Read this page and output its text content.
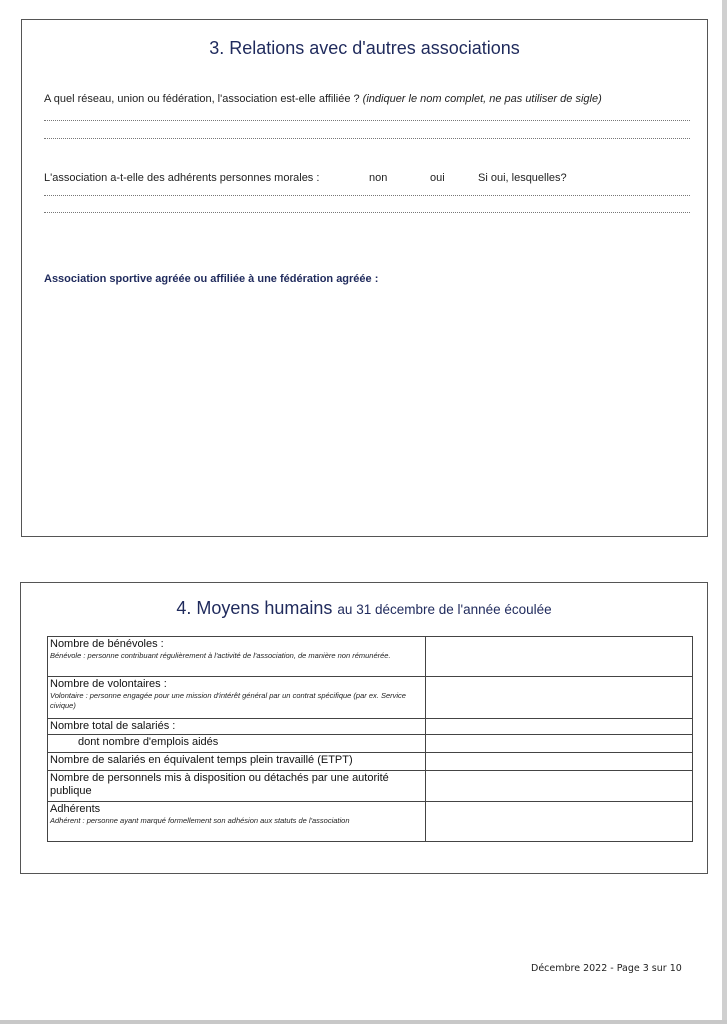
3. Relations avec d'autres associations
A quel réseau, union ou fédération, l'association est-elle affiliée ? (indiquer le nom complet, ne pas utiliser de sigle)
L'association a-t-elle des adhérents personnes morales :	non	oui	Si oui, lesquelles?
Association sportive agréée ou affiliée à une fédération agréée :
4. Moyens humains au 31 décembre de l'année écoulée
Nombre de bénévoles :
Bénévole : personne contribuant régulièrement à l'activité de l'association, de manière non rémunérée.	

Nombre de volontaires :
Volontaire : personne engagée pour une mission d'intérêt général par un contrat spécifique (par ex. Service civique)	

Nombre total de salariés :	
dont nombre d'emplois aidés	
Nombre de salariés en équivalent temps plein travaillé (ETPT)	
Nombre de personnels mis à disposition ou détachés par une autorité publique	
Adhérents
Adhérent : personne ayant marqué formellement son adhésion aux statuts de l'association	

Décembre 2022 - Page 3 sur 10
